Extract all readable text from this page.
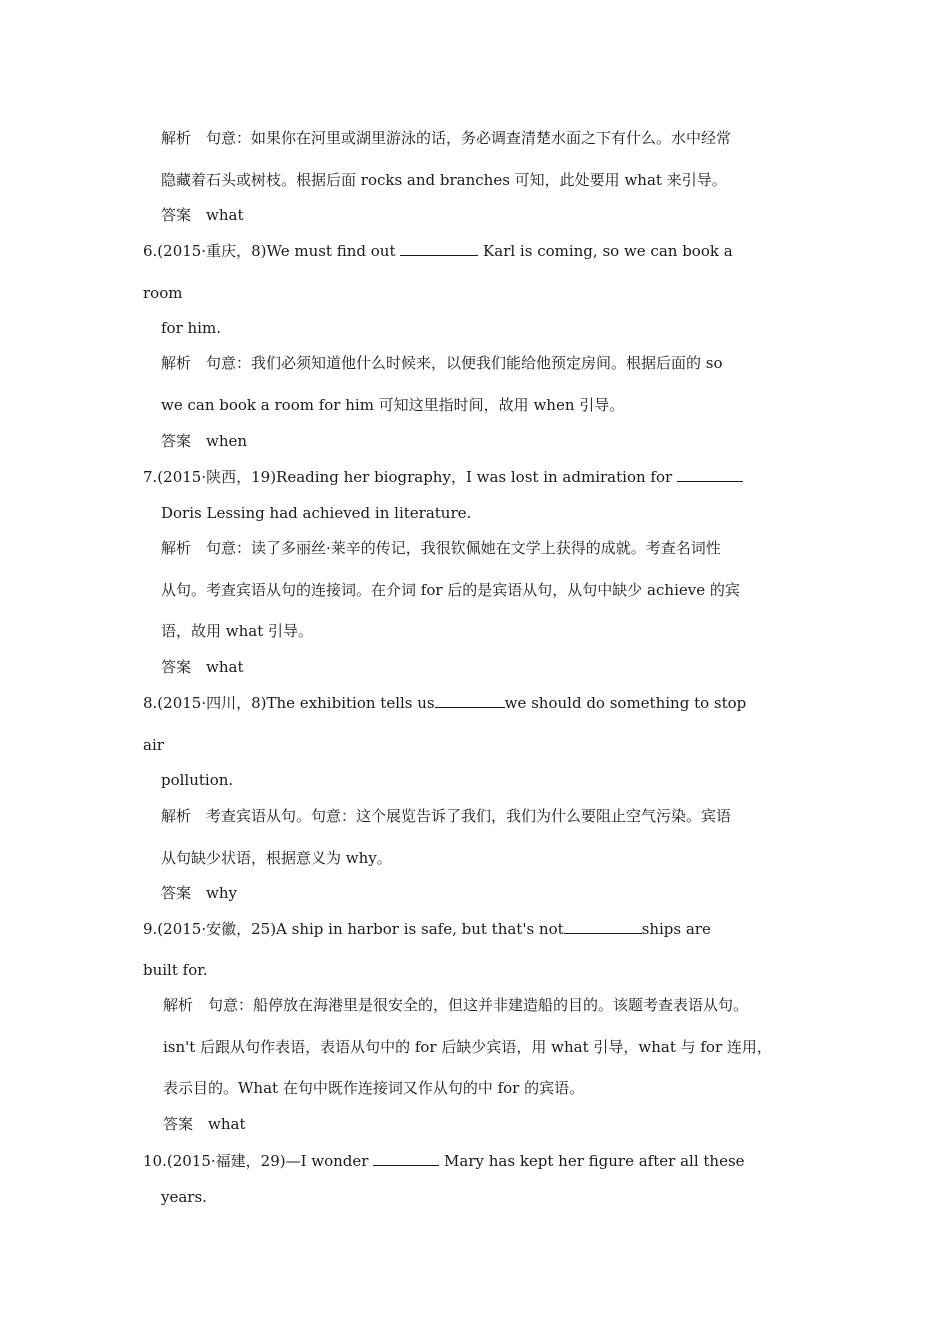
解析　句意：如果你在河里或湖里游泳的话，务必调查清楚水面之下有什么。水中经常
隐藏着石头或树枝。根据后面 rocks and branches 可知，此处要用 what 来引导。
答案　what
6.(2015·重庆，8)We must find out	Karl is coming, so we can book a
room
for him.
解析　句意：我们必须知道他什么时候来，以便我们能给他预定房间。根据后面的 so
we can book a room for him 可知这里指时间，故用 when 引导。
答案　when
7.(2015·陕西，19)Reading her biography，I was lost in admiration for
Doris Lessing had achieved in literature.
解析　句意：读了多丽丝·莱辛的传记，我很钦佩她在文学上获得的成就。考查名词性
从句。考查宾语从句的连接词。在介词 for 后的是宾语从句，从句中缺少 achieve 的宾
语，故用 what 引导。
答案　what
8.(2015·四川，8)The exhibition tells us	we should do something to stop
air
pollution.
解析　考查宾语从句。句意：这个展览告诉了我们，我们为什么要阻止空气污染。宾语
从句缺少状语，根据意义为 why。
答案　why
9.(2015·安徽，25)A ship in harbor is safe, but that's not	ships are
built for.
解析　句意：船停放在海港里是很安全的，但这并非建造船的目的。该题考查表语从句。
isn't 后跟从句作表语，表语从句中的 for 后缺少宾语，用 what 引导，what 与 for 连用，
表示目的。What 在句中既作连接词又作从句的中 for 的宾语。
答案　what
10.(2015·福建，29)—I wonder	Mary has kept her figure after all these
years.
